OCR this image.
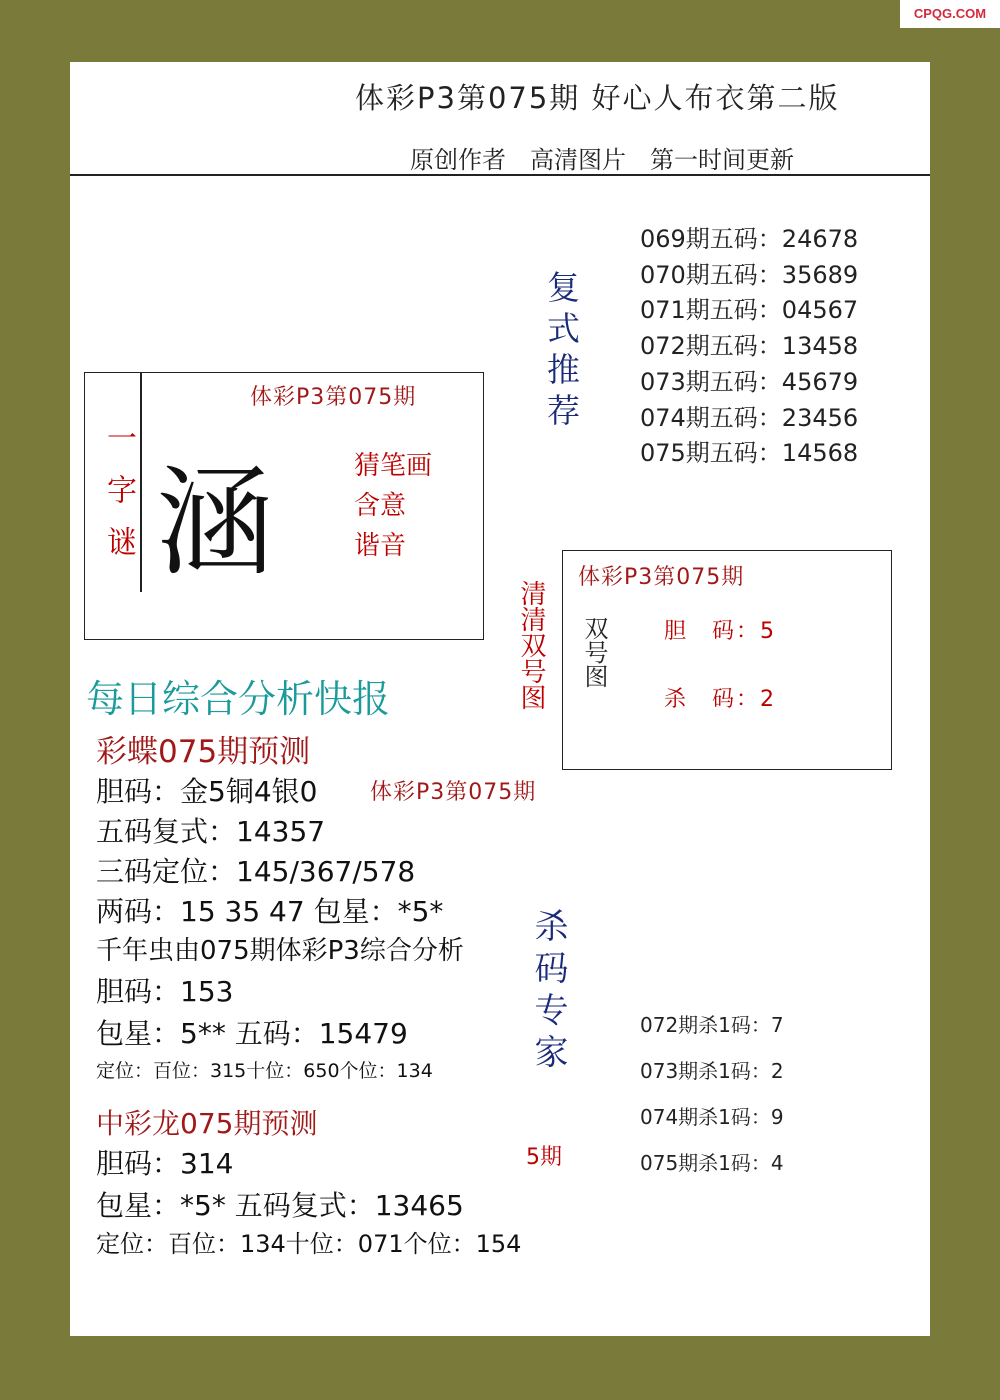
CPQG.COM
体彩P3第075期 好心人布衣第二版
原创作者　高清图片　第一时间更新
069期五码：24678
070期五码：35689
071期五码：04567
072期五码：13458
073期五码：45679
074期五码：23456
075期五码：14568
复式推荐
一字谜
体彩P3第075期
涵	猜笔画
含意
谐音
清清双号图
体彩P3第075期
双号图	胆　码：5
杀　码：2
每日综合分析快报
彩蝶075期预测
胆码：金5铜4银0
五码复式：14357
三码定位：145/367/578
两码：15 35 47 包星：*5*
体彩P3第075期
千年虫由075期体彩P3综合分析
胆码：153
包星：5** 五码：15479
定位：百位：315十位：650个位：134	杀码专家
5期
072期杀1码：7
073期杀1码：2
074期杀1码：9
075期杀1码：4
中彩龙075期预测
胆码：314
包星：*5* 五码复式：13465
定位：百位：134十位：071个位：154
